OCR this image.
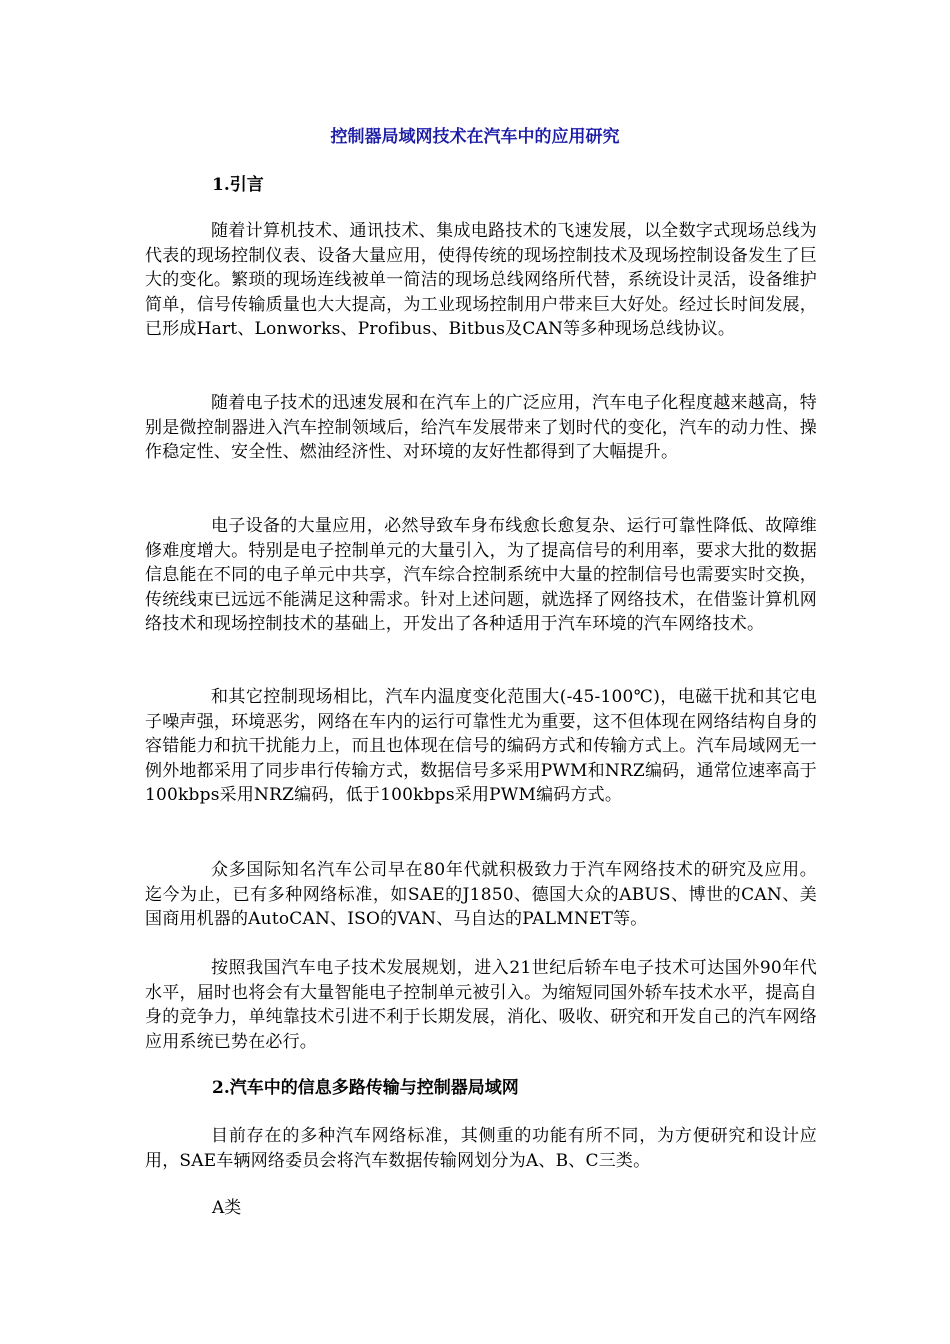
控制器局域网技术在汽车中的应用研究
1.引言
随着计算机技术、通讯技术、集成电路技术的飞速发展，以全数字式现场总线为代表的现场控制仪表、设备大量应用，使得传统的现场控制技术及现场控制设备发生了巨大的变化。繁琐的现场连线被单一简洁的现场总线网络所代替，系统设计灵活，设备维护简单，信号传输质量也大大提高，为工业现场控制用户带来巨大好处。经过长时间发展，已形成Hart、Lonworks、Profibus、Bitbus及CAN等多种现场总线协议。
随着电子技术的迅速发展和在汽车上的广泛应用，汽车电子化程度越来越高，特别是微控制器进入汽车控制领域后，给汽车发展带来了划时代的变化，汽车的动力性、操作稳定性、安全性、燃油经济性、对环境的友好性都得到了大幅提升。
电子设备的大量应用，必然导致车身布线愈长愈复杂、运行可靠性降低、故障维修难度增大。特别是电子控制单元的大量引入，为了提高信号的利用率，要求大批的数据信息能在不同的电子单元中共享，汽车综合控制系统中大量的控制信号也需要实时交换，传统线束已远远不能满足这种需求。针对上述问题，就选择了网络技术，在借鉴计算机网络技术和现场控制技术的基础上，开发出了各种适用于汽车环境的汽车网络技术。
和其它控制现场相比，汽车内温度变化范围大(-45-100℃)，电磁干扰和其它电子噪声强，环境恶劣，网络在车内的运行可靠性尤为重要，这不但体现在网络结构自身的容错能力和抗干扰能力上，而且也体现在信号的编码方式和传输方式上。汽车局域网无一例外地都采用了同步串行传输方式，数据信号多采用PWM和NRZ编码，通常位速率高于100kbps采用NRZ编码，低于100kbps采用PWM编码方式。
众多国际知名汽车公司早在80年代就积极致力于汽车网络技术的研究及应用。迄今为止，已有多种网络标准，如SAE的J1850、德国大众的ABUS、博世的CAN、美国商用机器的AutoCAN、ISO的VAN、马自达的PALMNET等。
按照我国汽车电子技术发展规划，进入21世纪后轿车电子技术可达国外90年代水平，届时也将会有大量智能电子控制单元被引入。为缩短同国外轿车技术水平，提高自身的竞争力，单纯靠技术引进不利于长期发展，消化、吸收、研究和开发自己的汽车网络应用系统已势在必行。
2.汽车中的信息多路传输与控制器局域网
目前存在的多种汽车网络标准，其侧重的功能有所不同，为方便研究和设计应用，SAE车辆网络委员会将汽车数据传输网划分为A、B、C三类。
A类
